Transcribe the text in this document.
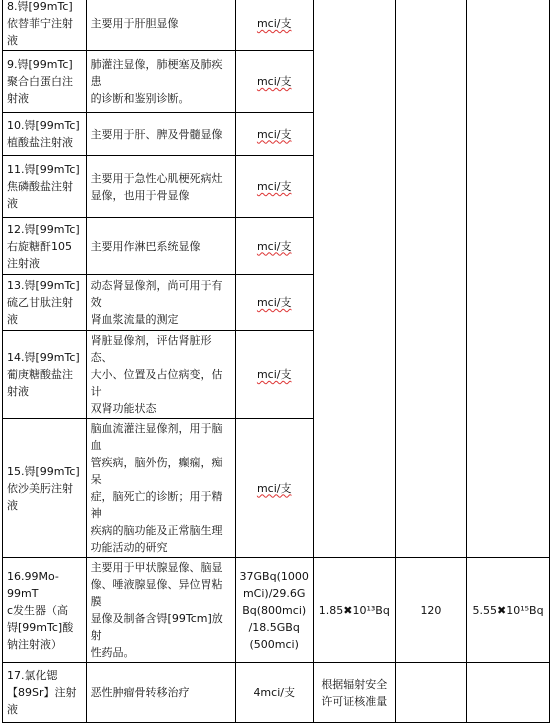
8.锝[99mTc]
依替菲宁注射
液	主要用于肝胆显像	mci/支			
9.锝[99mTc]
聚合白蛋白注
射液	肺灌注显像，肺梗塞及肺疾患
的诊断和鉴别诊断。	mci/支			
10.锝[99mTc]
植酸盐注射液	主要用于肝、脾及骨髓显像	mci/支			
11.锝[99mTc]
焦磷酸盐注射
液	主要用于急性心肌梗死病灶
显像，也用于骨显像	mci/支			
12.锝[99mTc]
右旋糖酐105
注射液	主要用作淋巴系统显像	mci/支			
13.锝[99mTc]
硫乙甘肽注射
液	动态肾显像剂，尚可用于有效
肾血浆流量的测定	mci/支			
14.锝[99mTc]
葡庚糖酸盐注
射液	肾脏显像剂，评估肾脏形态、
大小、位置及占位病变，估计
双肾功能状态	mci/支			
15.锝[99mTc]
依沙美肟注射
液	脑血流灌注显像剂，用于脑血
管疾病，脑外伤，癫痫，痴呆
症，脑死亡的诊断；用于精神
疾病的脑功能及正常脑生理
功能活动的研究	mci/支			
16.99Mo-99mT
c发生器（高
锝[99mTc]酸
钠注射液）	主要用于甲状腺显像、脑显
像、唾液腺显像、异位胃粘膜
显像及制备含锝[99Tcm]放射
性药品。	37GBq(1000
mCi)/29.6G
Bq(800mci)
/18.5GBq
(500mci)	1.85✖10¹³Bq	120	5.55✖10¹⁵Bq
17.氯化锶
【89Sr】注射
液	恶性肿瘤骨转移治疗	4mci/支	根据辐射安全
许可证核准量		
